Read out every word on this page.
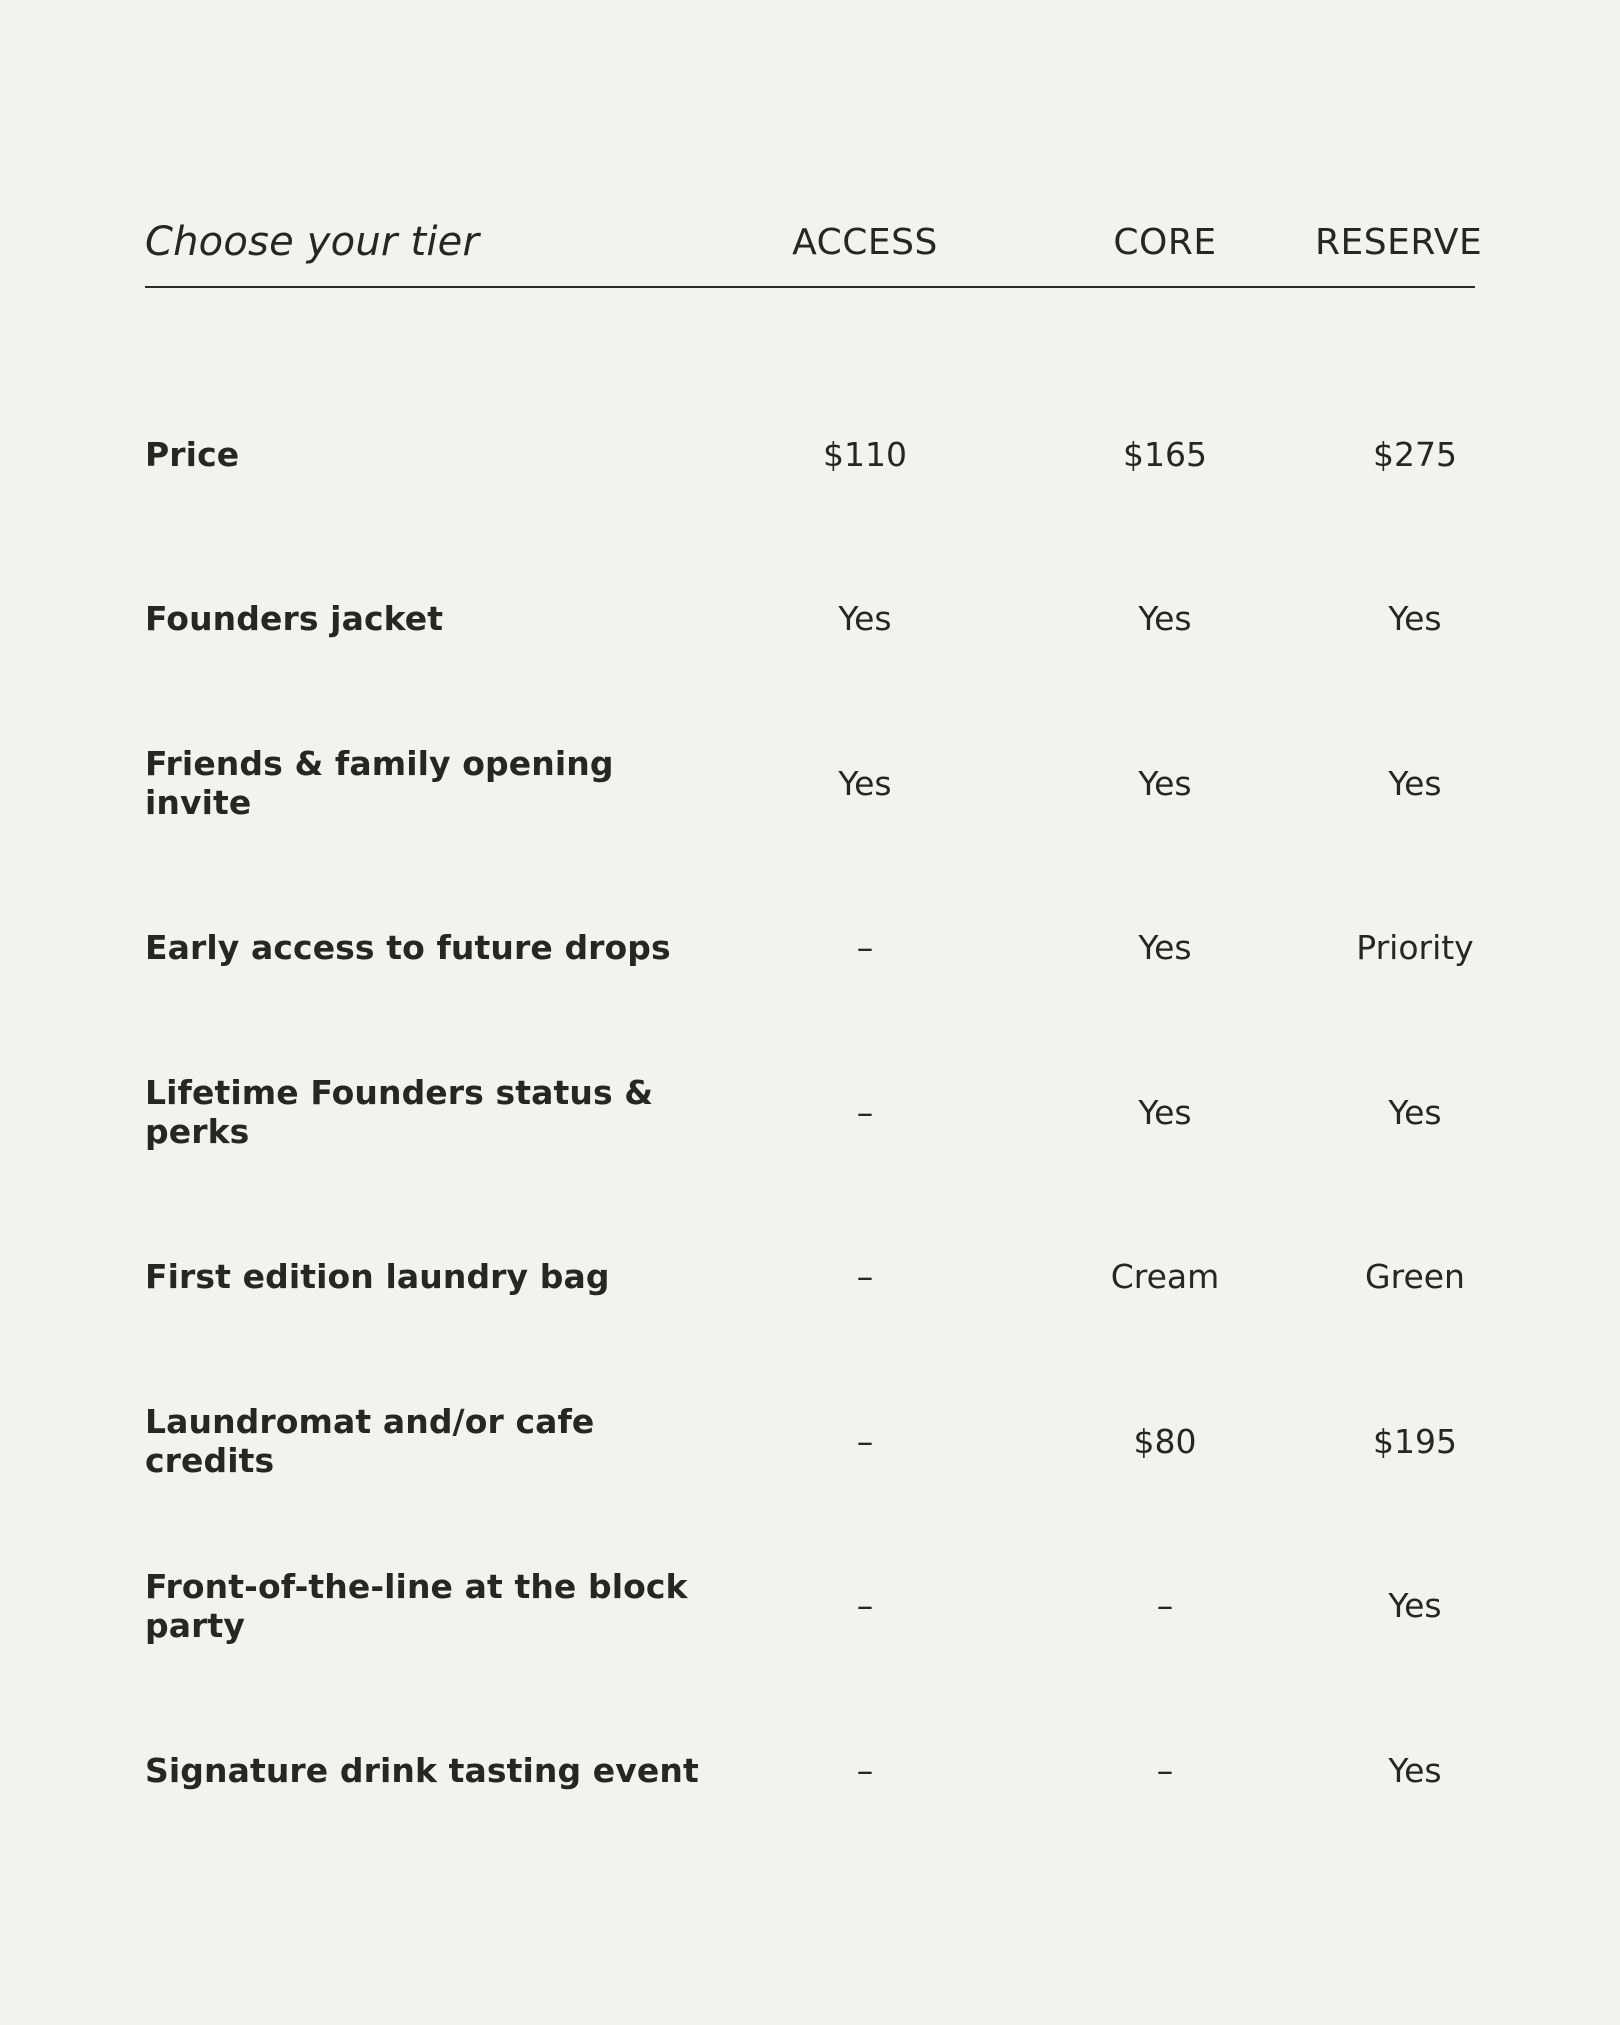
Choose your tier	ACCESS	CORE	RESERVE
Price	$110	$165	$275
Founders jacket	Yes	Yes	Yes
Friends & family opening invite	Yes	Yes	Yes
Early access to future drops	–	Yes	Priority
Lifetime Founders status & perks	–	Yes	Yes
First edition laundry bag	–	Cream	Green
Laundromat and/or cafe credits	–	$80	$195
Front-of-the-line at the block party	–	–	Yes
Signature drink tasting event	–	–	Yes
